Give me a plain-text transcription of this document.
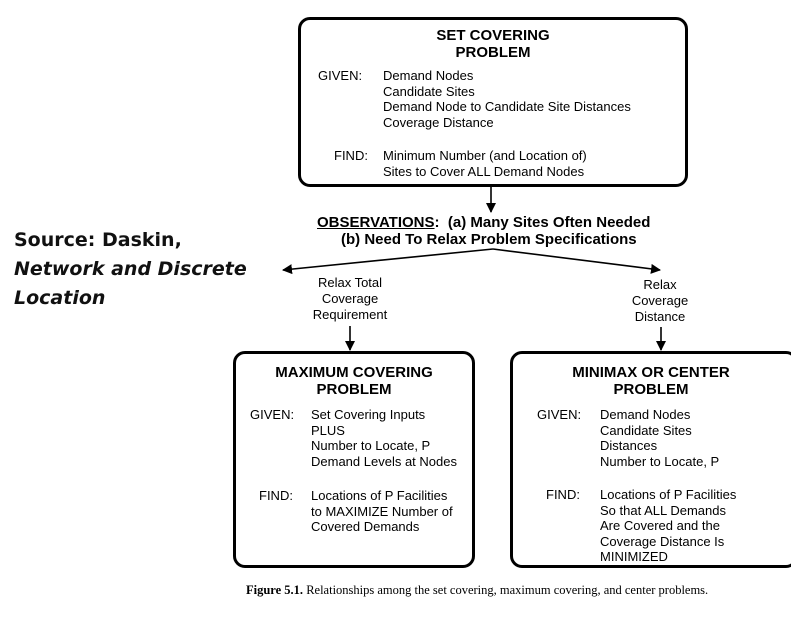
Source: Daskin,
Network and Discrete
Location
SET COVERING
PROBLEM
GIVEN: Demand Nodes
Candidate Sites
Demand Node to Candidate Site Distances
Coverage Distance
FIND: Minimum Number (and Location of)
Sites to Cover ALL Demand Nodes
OBSERVATIONS: (a) Many Sites Often Needed
(b) Need To Relax Problem Specifications
Relax Total
Coverage
Requirement
Relax
Coverage
Distance
MAXIMUM COVERING
PROBLEM
GIVEN: Set Covering Inputs
PLUS
Number to Locate, P
Demand Levels at Nodes
FIND: Locations of P Facilities
to MAXIMIZE Number of
Covered Demands
MINIMAX OR CENTER
PROBLEM
GIVEN: Demand Nodes
Candidate Sites
Distances
Number to Locate, P
FIND: Locations of P Facilities
So that ALL Demands
Are Covered and the
Coverage Distance Is
MINIMIZED
Figure 5.1. Relationships among the set covering, maximum covering, and center problems.
